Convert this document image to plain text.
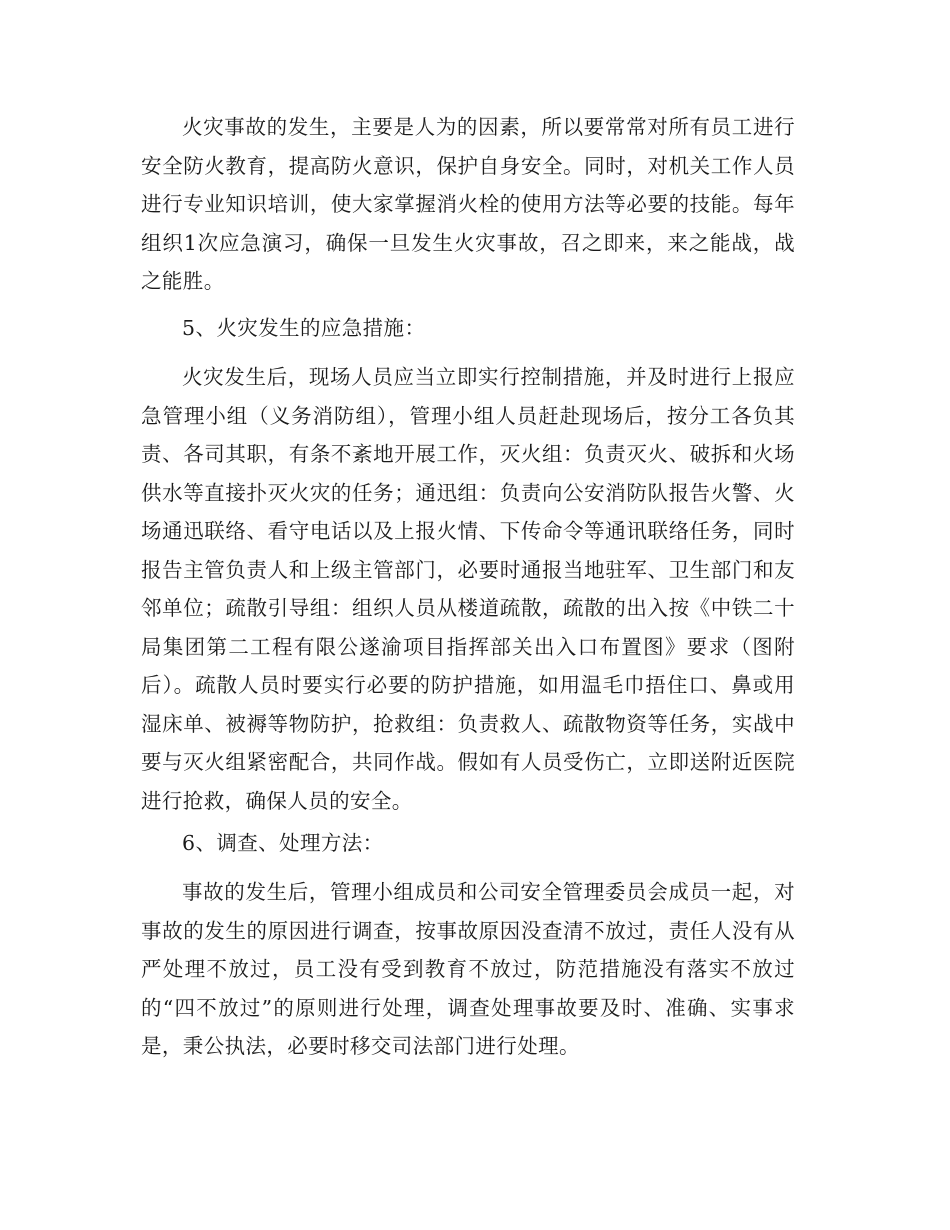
火灾事故的发生，主要是人为的因素，所以要常常对所有员工进行安全防火教育，提高防火意识，保护自身安全。同时，对机关工作人员进行专业知识培训，使大家掌握消火栓的使用方法等必要的技能。每年组织1次应急演习，确保一旦发生火灾事故，召之即来，来之能战，战之能胜。

5、火灾发生的应急措施：

火灾发生后，现场人员应当立即实行控制措施，并及时进行上报应急管理小组（义务消防组），管理小组人员赶赴现场后，按分工各负其责、各司其职，有条不紊地开展工作，灭火组：负责灭火、破拆和火场供水等直接扑灭火灾的任务；通迅组：负责向公安消防队报告火警、火场通迅联络、看守电话以及上报火情、下传命令等通讯联络任务，同时报告主管负责人和上级主管部门，必要时通报当地驻军、卫生部门和友邻单位；疏散引导组：组织人员从楼道疏散，疏散的出入按《中铁二十局集团第二工程有限公遂渝项目指挥部关出入口布置图》要求（图附后）。疏散人员时要实行必要的防护措施，如用温毛巾捂住口、鼻或用湿床单、被褥等物防护，抢救组：负责救人、疏散物资等任务，实战中要与灭火组紧密配合，共同作战。假如有人员受伤亡，立即送附近医院进行抢救，确保人员的安全。

6、调查、处理方法：

事故的发生后，管理小组成员和公司安全管理委员会成员一起，对事故的发生的原因进行调查，按事故原因没查清不放过，责任人没有从严处理不放过，员工没有受到教育不放过，防范措施没有落实不放过的“四不放过”的原则进行处理，调查处理事故要及时、准确、实事求是，秉公执法，必要时移交司法部门进行处理。
